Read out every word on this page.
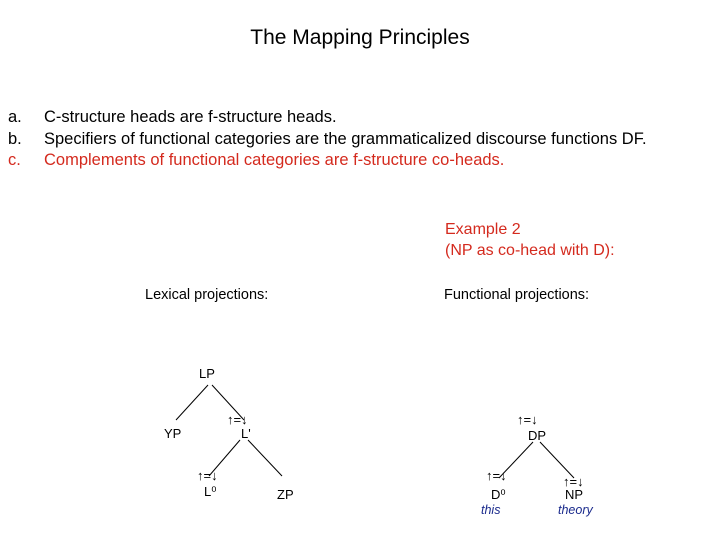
The Mapping Principles
a. C-structure heads are f-structure heads.
b. Specifiers of functional categories are the grammaticalized discourse functions DF.
c. Complements of functional categories are f-structure co-heads.
Example 2
(NP as co-head with D):
Lexical projections:	Functional projections:
LP
YP
↑=↓
L'
↑=↓
L⁰	ZP
↑=↓
DP
↑=↓
D⁰
this
↑=↓
NP
theory
